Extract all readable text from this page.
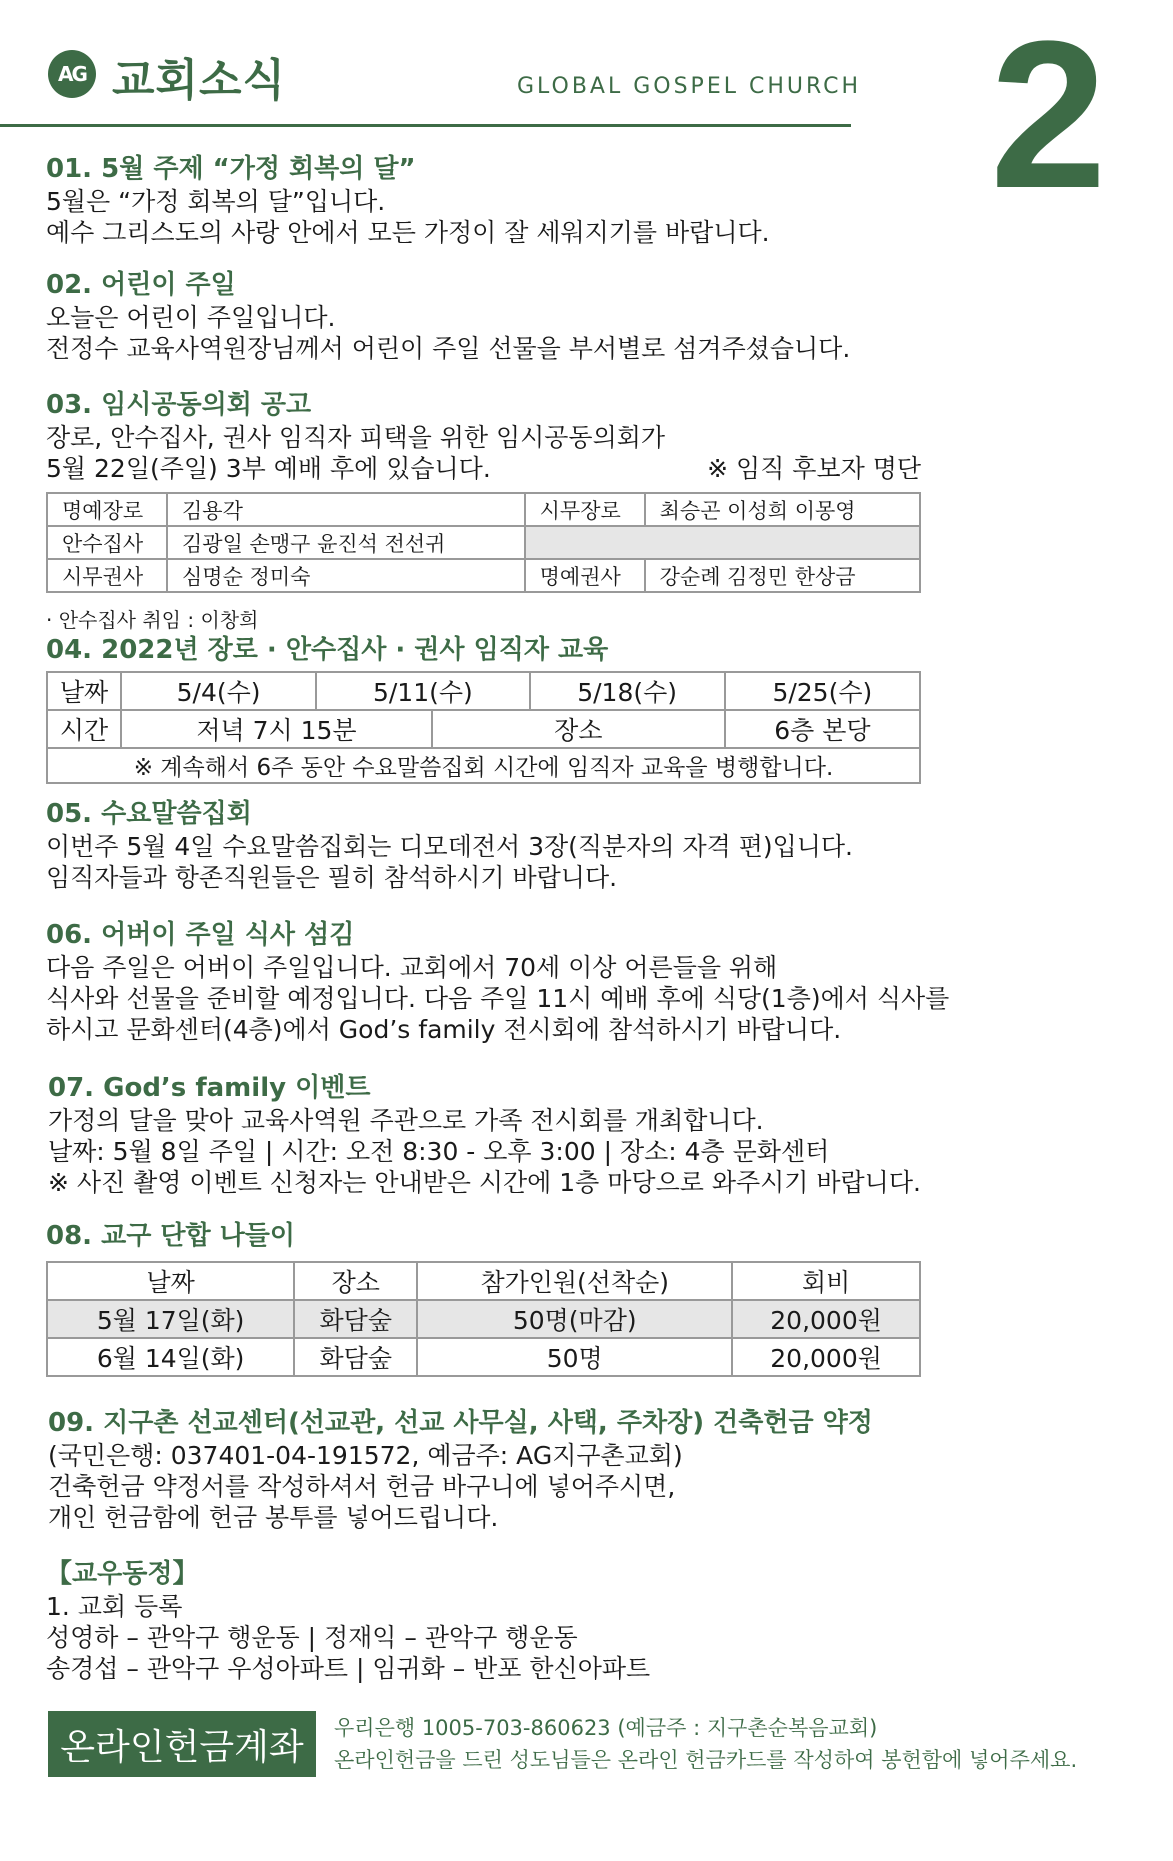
AG 교회소식	GLOBAL GOSPEL CHURCH 2

01. 5월 주제 “가정 회복의 달”

5월은 “가정 회복의 달”입니다.

예수 그리스도의 사랑 안에서 모든 가정이 잘 세워지기를 바랍니다.

02. 어린이 주일

오늘은 어린이 주일입니다.

전정수 교육사역원장님께서 어린이 주일 선물을 부서별로 섬겨주셨습니다.

03. 임시공동의회 공고

장로, 안수집사, 권사 임직자 피택을 위한 임시공동의회가

5월 22일(주일) 3부 예배 후에 있습니다.	※ 임직 후보자 명단

명예장로	김용각	시무장로	최승곤 이성희 이몽영
안수집사	김광일 손맹구 윤진석 전선귀		
시무권사	심명순 정미숙	명예권사	강순례 김정민 한상금
· 안수집사 취임 : 이창희

04. 2022년 장로 · 안수집사 · 권사 임직자 교육

날짜	5/4(수)	5/11(수)		5/18(수)	5/25(수)
시간	저녁 7시 15분		장소		6층 본당
※ 계속해서 6주 동안 수요말씀집회 시간에 임직자 교육을 병행합니다.					

05. 수요말씀집회

이번주 5월 4일 수요말씀집회는 디모데전서 3장(직분자의 자격 편)입니다.

임직자들과 항존직원들은 필히 참석하시기 바랍니다.

06. 어버이 주일 식사 섬김

다음 주일은 어버이 주일입니다. 교회에서 70세 이상 어른들을 위해

식사와 선물을 준비할 예정입니다. 다음 주일 11시 예배 후에 식당(1층)에서 식사를

하시고 문화센터(4층)에서 God’s family 전시회에 참석하시기 바랍니다.

07. God’s family 이벤트

가정의 달을 맞아 교육사역원 주관으로 가족 전시회를 개최합니다.

날짜: 5월 8일 주일 | 시간: 오전 8:30 - 오후 3:00 | 장소: 4층 문화센터

※ 사진 촬영 이벤트 신청자는 안내받은 시간에 1층 마당으로 와주시기 바랍니다.

08. 교구 단합 나들이

날짜	장소	참가인원(선착순)	회비
5월 17일(화)	화담숲	50명(마감)	20,000원
6월 14일(화)	화담숲	50명	20,000원

09. 지구촌 선교센터(선교관, 선교 사무실, 사택, 주차장) 건축헌금 약정

(국민은행: 037401-04-191572, 예금주: AG지구촌교회)

건축헌금 약정서를 작성하셔서 헌금 바구니에 넣어주시면,

개인 헌금함에 헌금 봉투를 넣어드립니다.

【교우동정】

1. 교회 등록

성영하 – 관악구 행운동 | 정재익 – 관악구 행운동

송경섭 – 관악구 우성아파트 | 임귀화 – 반포 한신아파트

온라인헌금계좌	우리은행 1005-703-860623 (예금주 : 지구촌순복음교회)
온라인헌금을 드린 성도님들은 온라인 헌금카드를 작성하여 봉헌함에 넣어주세요.
